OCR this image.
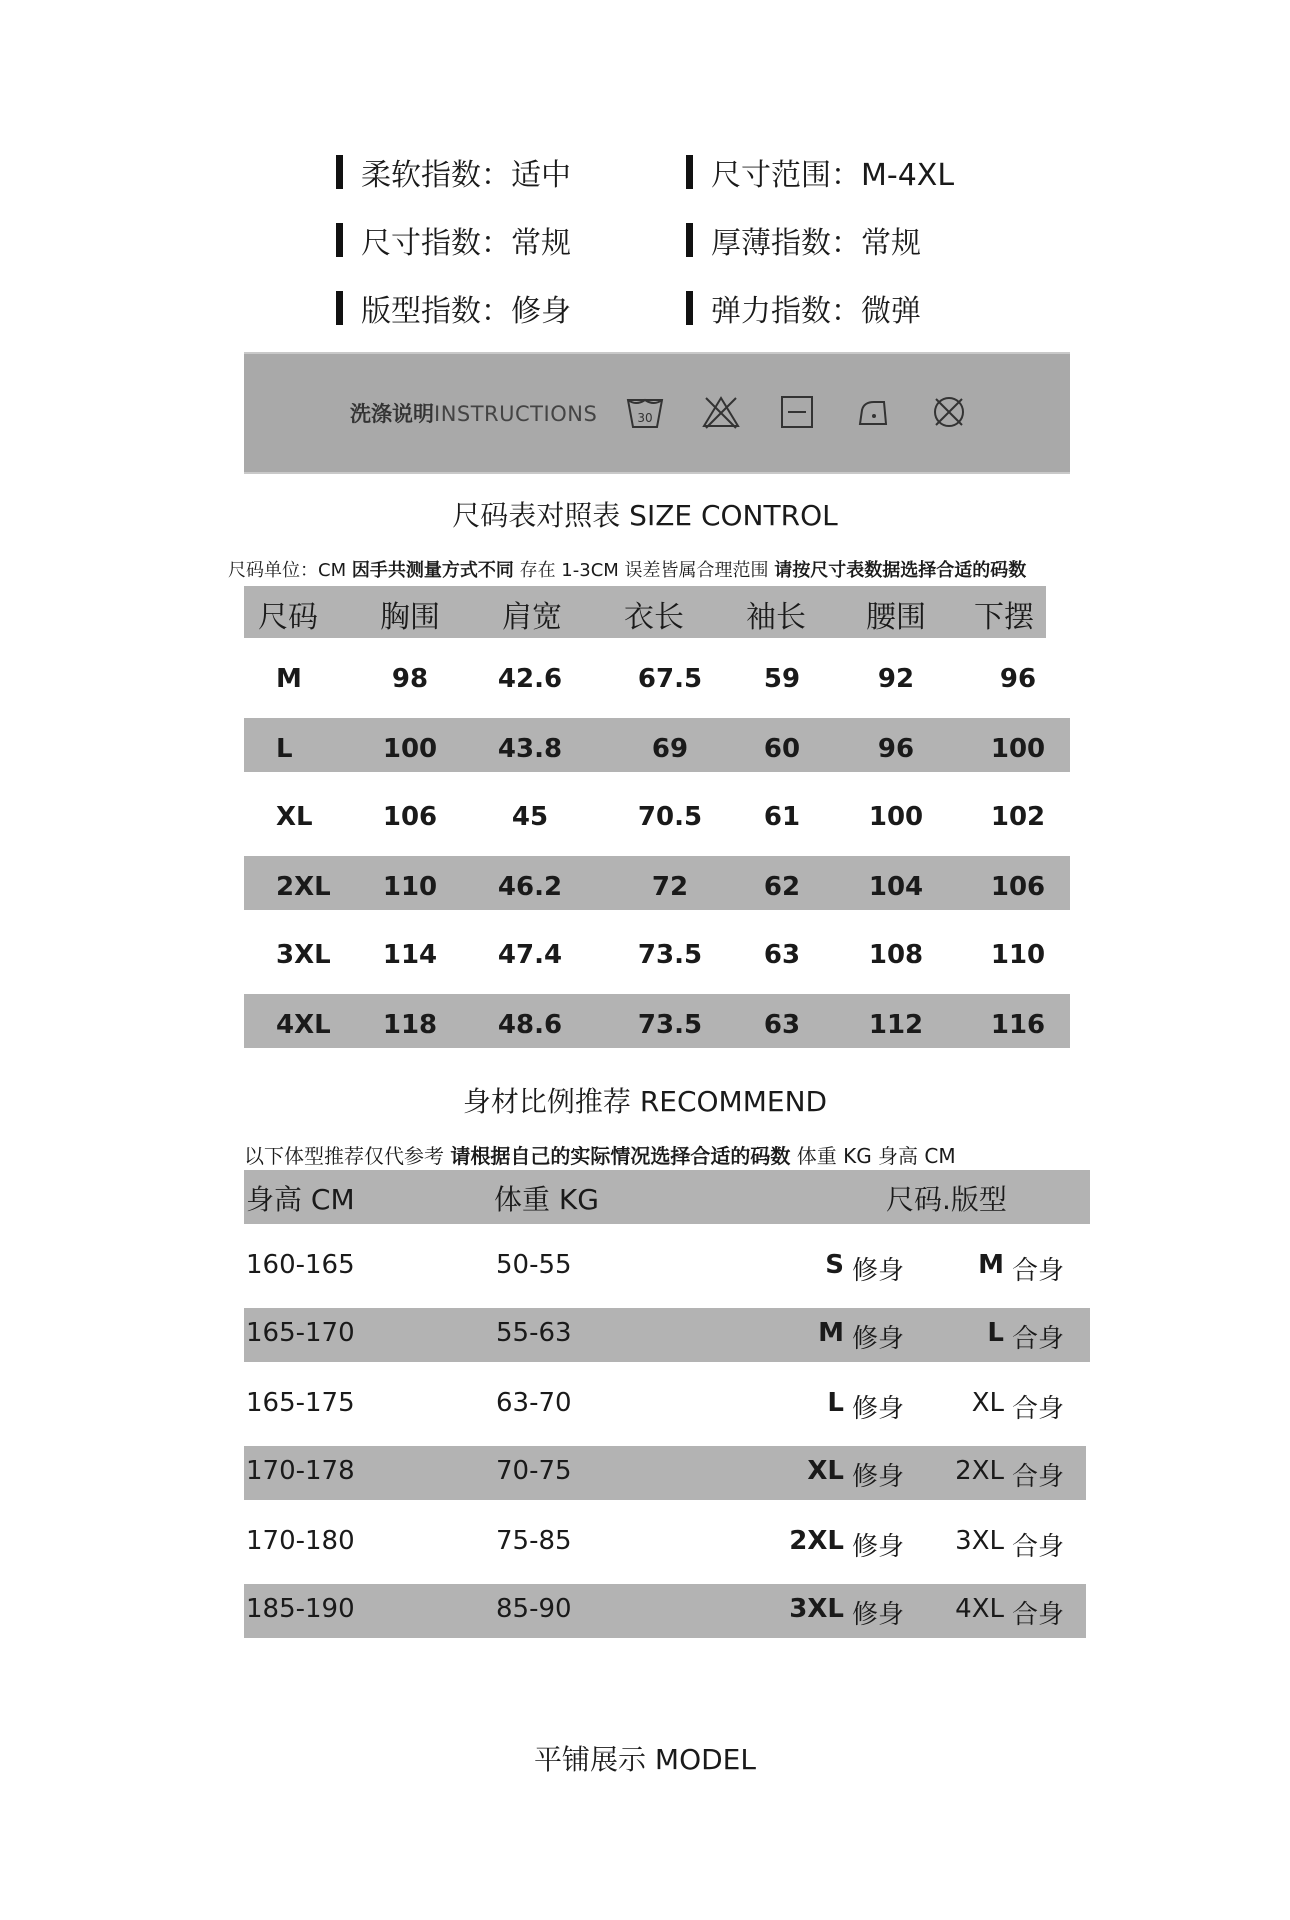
柔软指数：适中	尺寸范围：M-4XL
尺寸指数：常规	厚薄指数：常规
版型指数：修身	弹力指数：微弹
洗涤说明INSTRUCTIONS	30
尺码表对照表 SIZE CONTROL
尺码单位：CM 因手共测量方式不同 存在 1-3CM 误差皆属合理范围 请按尺寸表数据选择合适的码数
尺码 胸围 肩宽 衣长 袖长 腰围 下摆
M	98	42.6	67.5	59	92	96
L	100	43.8	69	60	96	100
XL	106	45	70.5	61	100	102
2XL	110	46.2	72	62	104	106
3XL	114	47.4	73.5	63	108	110
4XL	118	48.6	73.5	63	112	116
身材比例推荐 RECOMMEND
以下体型推荐仅代参考 请根据自己的实际情况选择合适的码数 体重 KG 身高 CM
身高 CM	体重 KG	尺码.版型
160-165	50-55	S 修身	M 合身
165-170	55-63	M 修身	L 合身
165-175	63-70	L 修身	XL 合身
170-178	70-75	XL 修身	2XL 合身
170-180	75-85	2XL 修身	3XL 合身
185-190	85-90	3XL 修身	4XL 合身
平铺展示 MODEL
